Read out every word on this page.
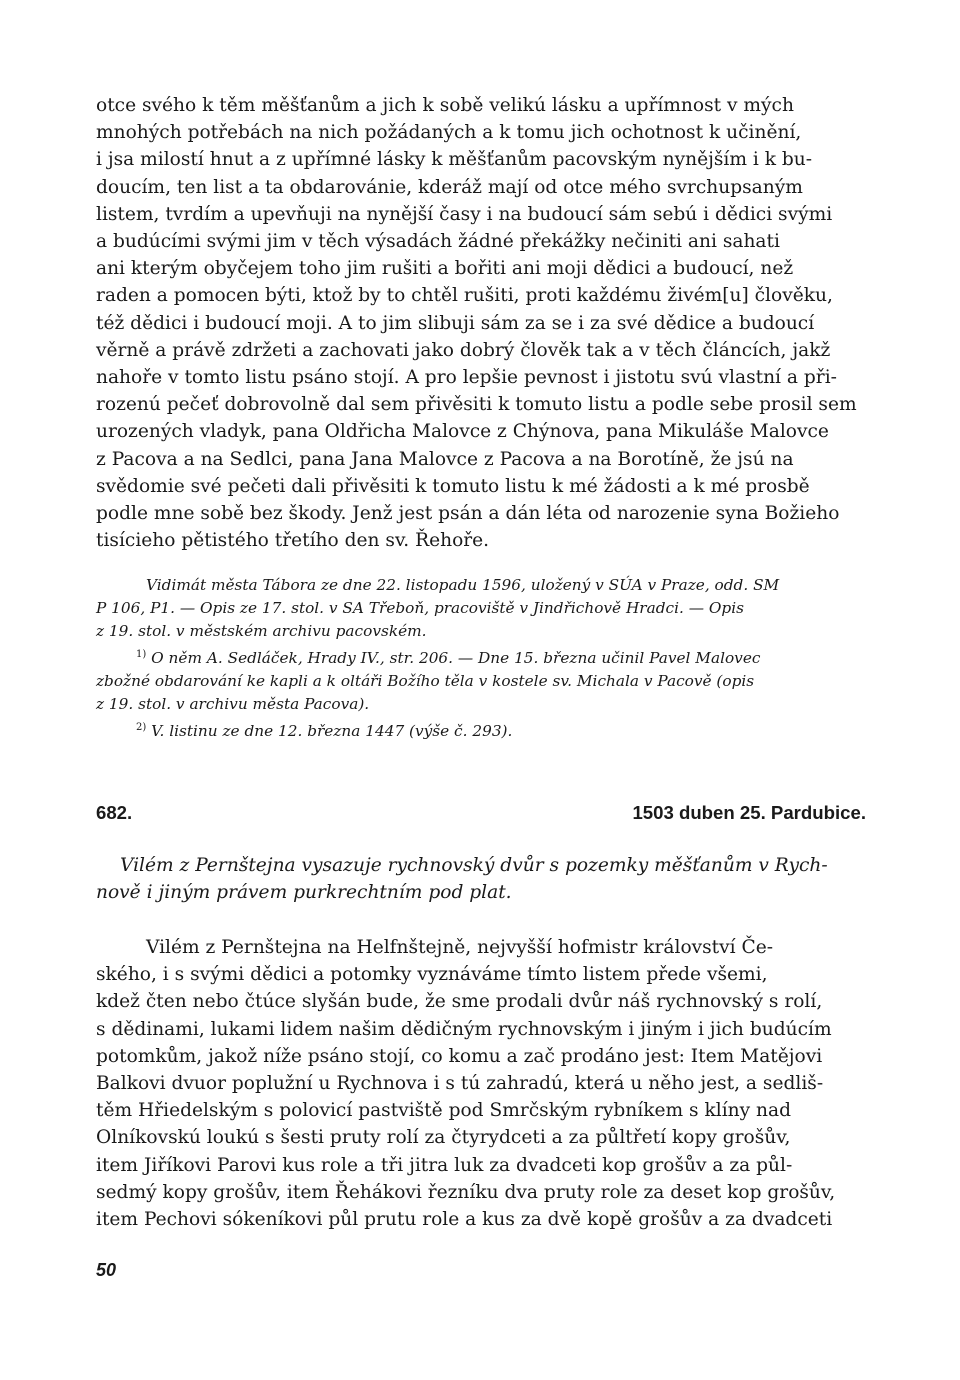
otce svého k těm měšťanům a jich k sobě velikú lásku a upřímnost v mých
mnohých potřebách na nich požádaných a k tomu jich ochotnost k učinění,
i jsa milostí hnut a z upřímné lásky k měšťanům pacovským nynějším i k bu-
doucím, ten list a ta obdarovánie, kderáž mají od otce mého svrchupsaným
listem, tvrdím a upevňuji na nynější časy i na budoucí sám sebú i dědici svými
a budúcími svými jim v těch výsadách žádné překážky nečiniti ani sahati
ani kterým obyčejem toho jim rušiti a bořiti ani moji dědici a budoucí, než
raden a pomocen býti, ktož by to chtěl rušiti, proti každému živém[u] člověku,
též dědici i budoucí moji. A to jim slibuji sám za se i za své dědice a budoucí
věrně a právě zdržeti a zachovati jako dobrý člověk tak a v těch článcích, jakž
nahoře v tomto listu psáno stojí. A pro lepšie pevnost i jistotu svú vlastní a při-
rozenú pečeť dobrovolně dal sem přivěsiti k tomuto listu a podle sebe prosil sem
urozených vladyk, pana Oldřicha Malovce z Chýnova, pana Mikuláše Malovce
z Pacova a na Sedlci, pana Jana Malovce z Pacova a na Borotíně, že jsú na
svědomie své pečeti dali přivěsiti k tomuto listu k mé žádosti a k mé prosbě
podle mne sobě bez škody. Jenž jest psán a dán léta od narozenie syna Božieho
tisícieho pětistého třetího den sv. Řehoře.
Vidimát města Tábora ze dne 22. listopadu 1596, uložený v SÚA v Praze, odd. SM
P 106, P1. — Opis ze 17. stol. v SA Třeboň, pracoviště v Jindřichově Hradci. — Opis
z 19. stol. v městském archivu pacovském.
$^{1)}$ O něm A. Sedláček, Hrady IV., str. 206. — Dne 15. března učinil Pavel Malovec
zbožné obdarování ke kapli a k oltáři Božího těla v kostele sv. Michala v Pacově (opis
z 19. stol. v archivu města Pacova).
$^{2)}$ V. listinu ze dne 12. března 1447 (výše č. 293).
682.	1503 duben 25. Pardubice.
Vilém z Pernštejna vysazuje rychnovský dvůr s pozemky měšťanům v Rych-
nově i jiným právem purkrechtním pod plat.
Vilém z Pernštejna na Helfnštejně, nejvyšší hofmistr království Če-
ského, i s svými dědici a potomky vyznáváme tímto listem přede všemi,
kdež čten nebo čtúce slyšán bude, že sme prodali dvůr náš rychnovský s rolí,
s dědinami, lukami lidem našim dědičným rychnovským i jiným i jich budúcím
potomkům, jakož níže psáno stojí, co komu a zač prodáno jest: Item Matějovi
Balkovi dvuor poplužní u Rychnova i s tú zahradú, která u něho jest, a sedliš-
těm Hřiedelským s polovicí pastviště pod Smrčským rybníkem s klíny nad
Olníkovskú loukú s šesti pruty rolí za čtyrydceti a za půltřetí kopy grošův,
item Jiříkovi Parovi kus role a tři jitra luk za dvadceti kop grošův a za půl-
sedmý kopy grošův, item Řehákovi řezníku dva pruty role za deset kop grošův,
item Pechovi sókeníkovi půl prutu role a kus za dvě kopě grošův a za dvadceti
50
